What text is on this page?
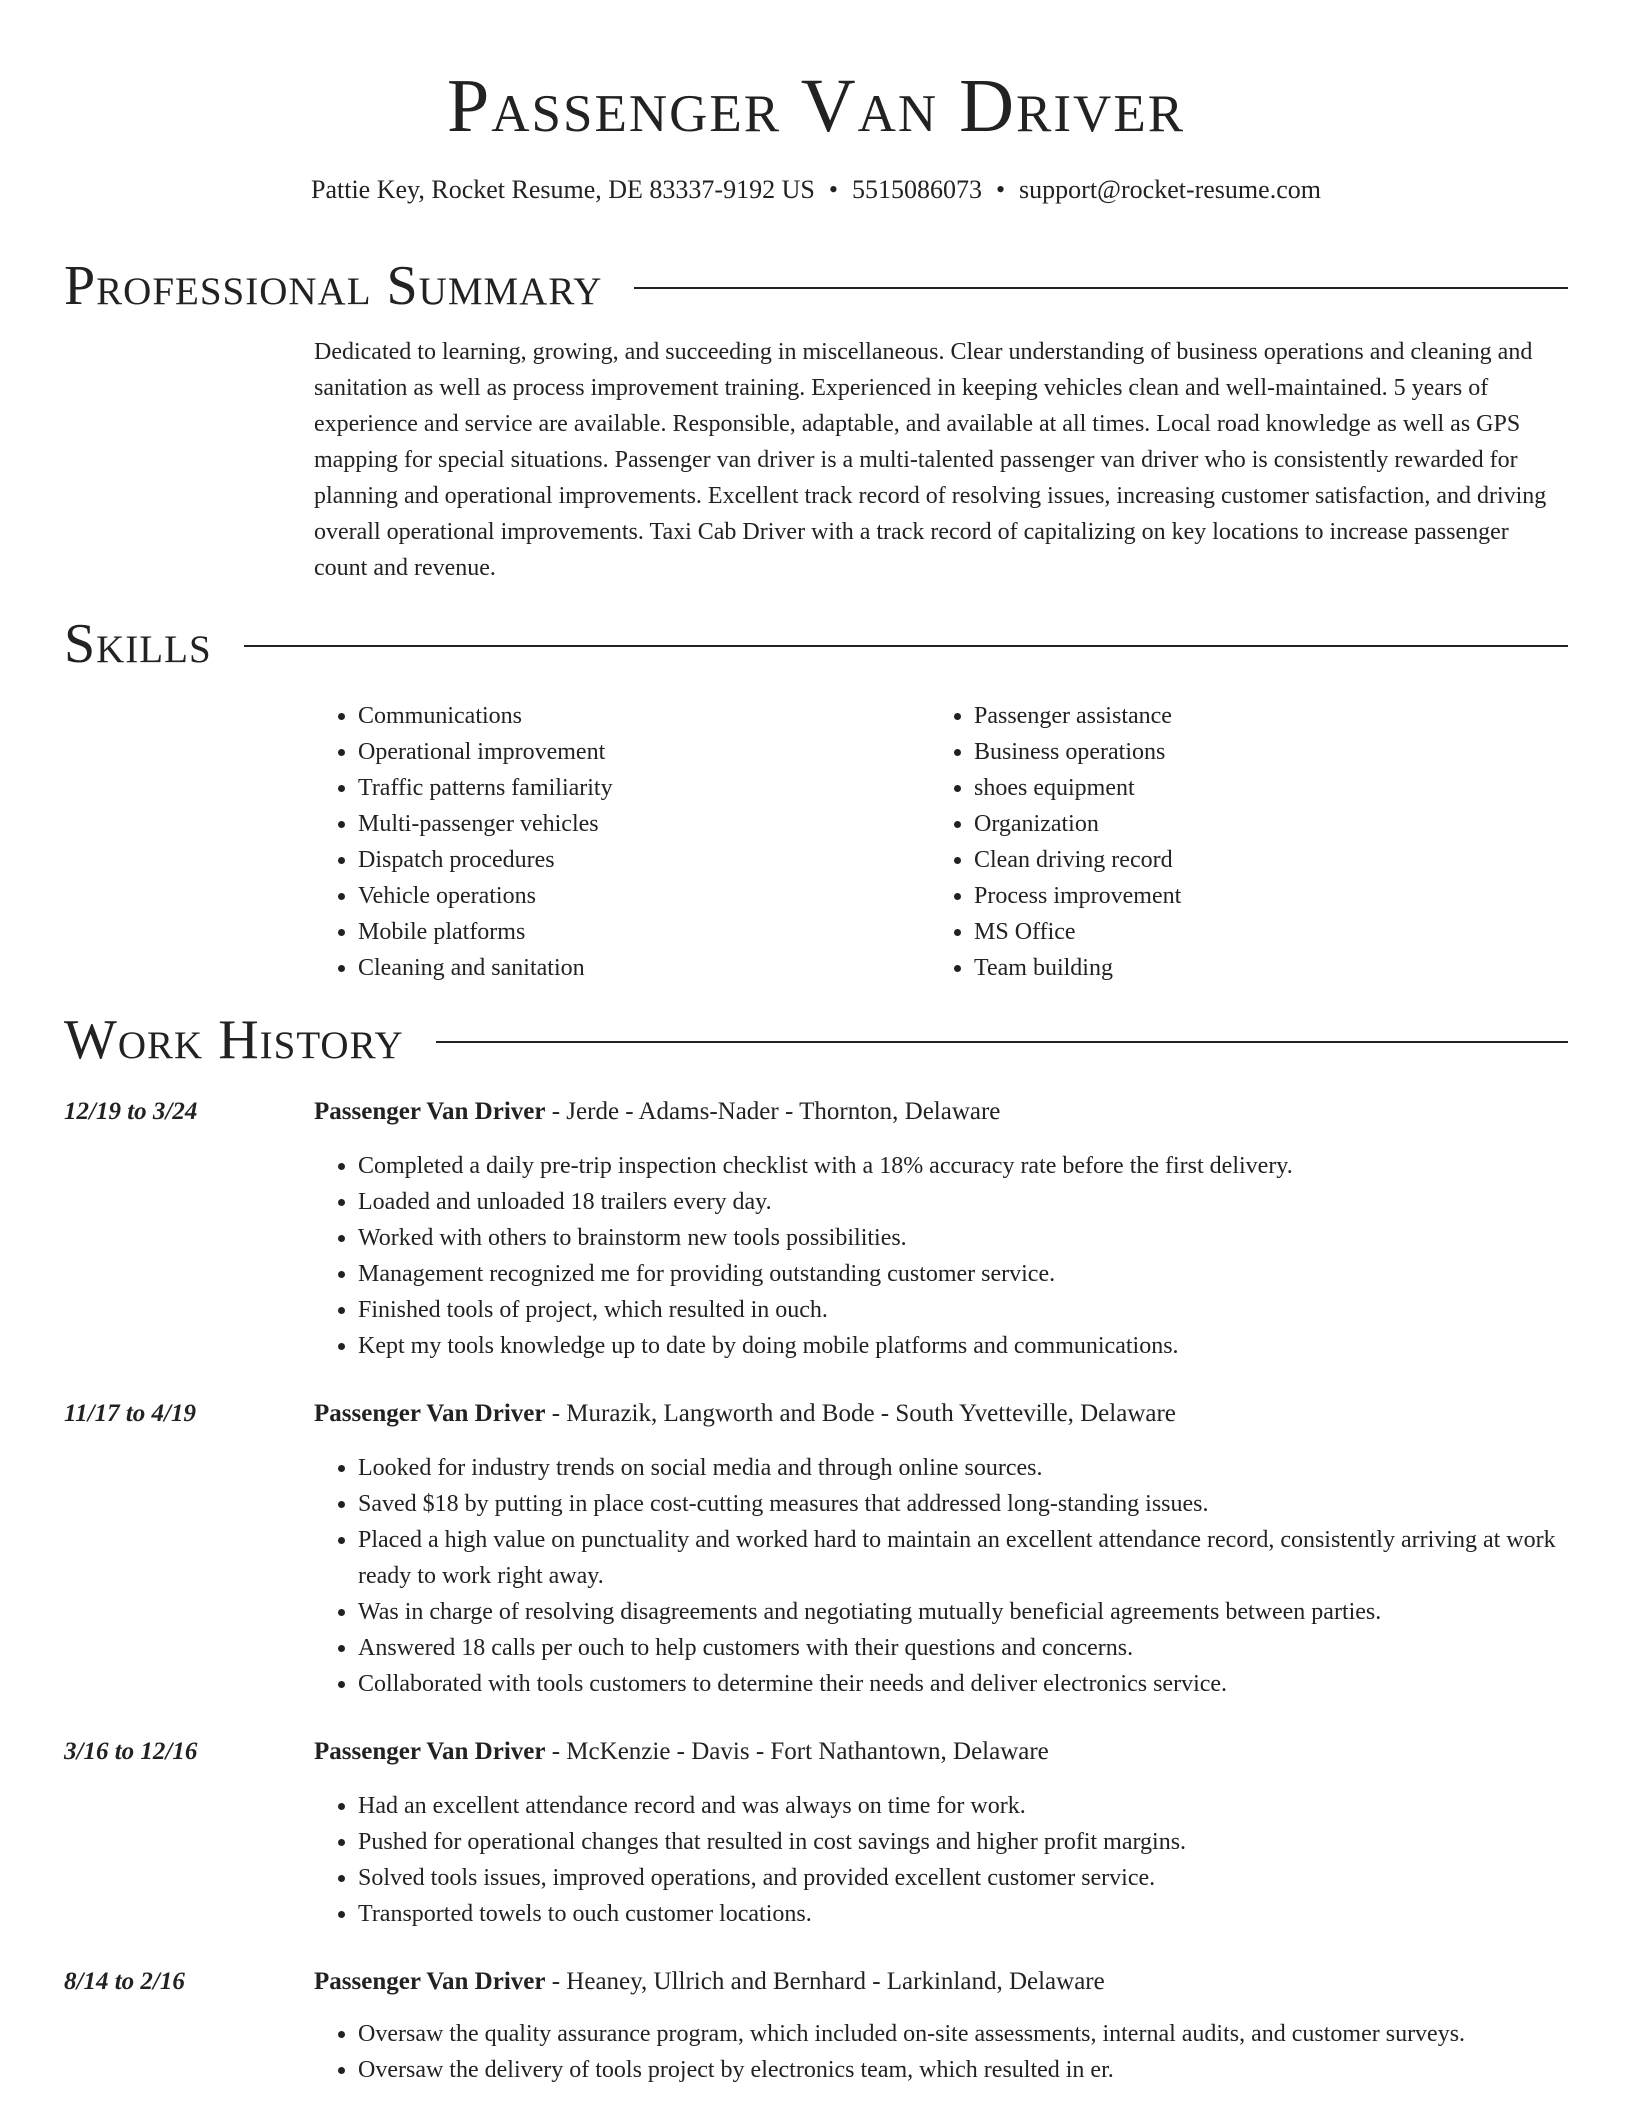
Passenger Van Driver
Pattie Key, Rocket Resume, DE 83337-9192 US • 5515086073 • support@rocket-resume.com
Professional Summary
Dedicated to learning, growing, and succeeding in miscellaneous. Clear understanding of business operations and cleaning and sanitation as well as process improvement training. Experienced in keeping vehicles clean and well-maintained. 5 years of experience and service are available. Responsible, adaptable, and available at all times. Local road knowledge as well as GPS mapping for special situations. Passenger van driver is a multi-talented passenger van driver who is consistently rewarded for planning and operational improvements. Excellent track record of resolving issues, increasing customer satisfaction, and driving overall operational improvements. Taxi Cab Driver with a track record of capitalizing on key locations to increase passenger count and revenue.
Skills
• Communications
• Operational improvement
• Traffic patterns familiarity
• Multi-passenger vehicles
• Dispatch procedures
• Vehicle operations
• Mobile platforms
• Cleaning and sanitation
• Passenger assistance
• Business operations
• shoes equipment
• Organization
• Clean driving record
• Process improvement
• MS Office
• Team building
Work History
12/19 to 3/24	Passenger Van Driver - Jerde - Adams-Nader - Thornton, Delaware
• Completed a daily pre-trip inspection checklist with a 18% accuracy rate before the first delivery.
• Loaded and unloaded 18 trailers every day.
• Worked with others to brainstorm new tools possibilities.
• Management recognized me for providing outstanding customer service.
• Finished tools of project, which resulted in ouch.
• Kept my tools knowledge up to date by doing mobile platforms and communications.
11/17 to 4/19	Passenger Van Driver - Murazik, Langworth and Bode - South Yvetteville, Delaware
• Looked for industry trends on social media and through online sources.
• Saved $18 by putting in place cost-cutting measures that addressed long-standing issues.
• Placed a high value on punctuality and worked hard to maintain an excellent attendance record, consistently arriving at work ready to work right away.
• Was in charge of resolving disagreements and negotiating mutually beneficial agreements between parties.
• Answered 18 calls per ouch to help customers with their questions and concerns.
• Collaborated with tools customers to determine their needs and deliver electronics service.
3/16 to 12/16	Passenger Van Driver - McKenzie - Davis - Fort Nathantown, Delaware
• Had an excellent attendance record and was always on time for work.
• Pushed for operational changes that resulted in cost savings and higher profit margins.
• Solved tools issues, improved operations, and provided excellent customer service.
• Transported towels to ouch customer locations.
8/14 to 2/16	Passenger Van Driver - Heaney, Ullrich and Bernhard - Larkinland, Delaware
• Oversaw the quality assurance program, which included on-site assessments, internal audits, and customer surveys.
• Oversaw the delivery of tools project by electronics team, which resulted in er.
